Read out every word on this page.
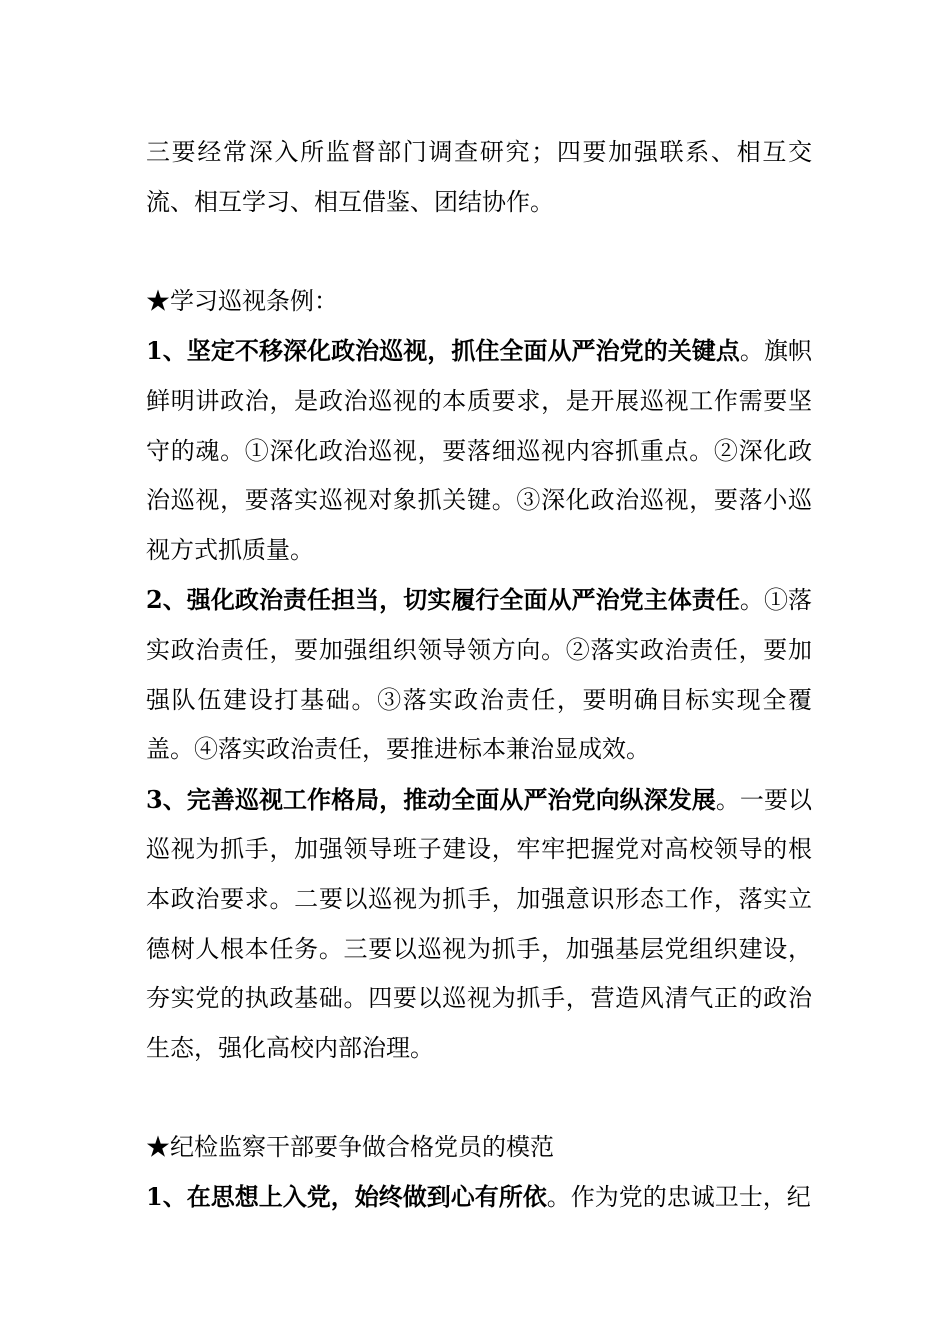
三要经常深入所监督部门调查研究；四要加强联系、相互交流、相互学习、相互借鉴、团结协作。

★学习巡视条例：

1、坚定不移深化政治巡视，抓住全面从严治党的关键点。旗帜鲜明讲政治，是政治巡视的本质要求，是开展巡视工作需要坚守的魂。①深化政治巡视，要落细巡视内容抓重点。②深化政治巡视，要落实巡视对象抓关键。③深化政治巡视，要落小巡视方式抓质量。

2、强化政治责任担当，切实履行全面从严治党主体责任。①落实政治责任，要加强组织领导领方向。②落实政治责任，要加强队伍建设打基础。③落实政治责任，要明确目标实现全覆盖。④落实政治责任，要推进标本兼治显成效。

3、完善巡视工作格局，推动全面从严治党向纵深发展。一要以巡视为抓手，加强领导班子建设，牢牢把握党对高校领导的根本政治要求。二要以巡视为抓手，加强意识形态工作，落实立德树人根本任务。三要以巡视为抓手，加强基层党组织建设，夯实党的执政基础。四要以巡视为抓手，营造风清气正的政治生态，强化高校内部治理。

★纪检监察干部要争做合格党员的模范

1、在思想上入党，始终做到心有所依。作为党的忠诚卫士，纪
